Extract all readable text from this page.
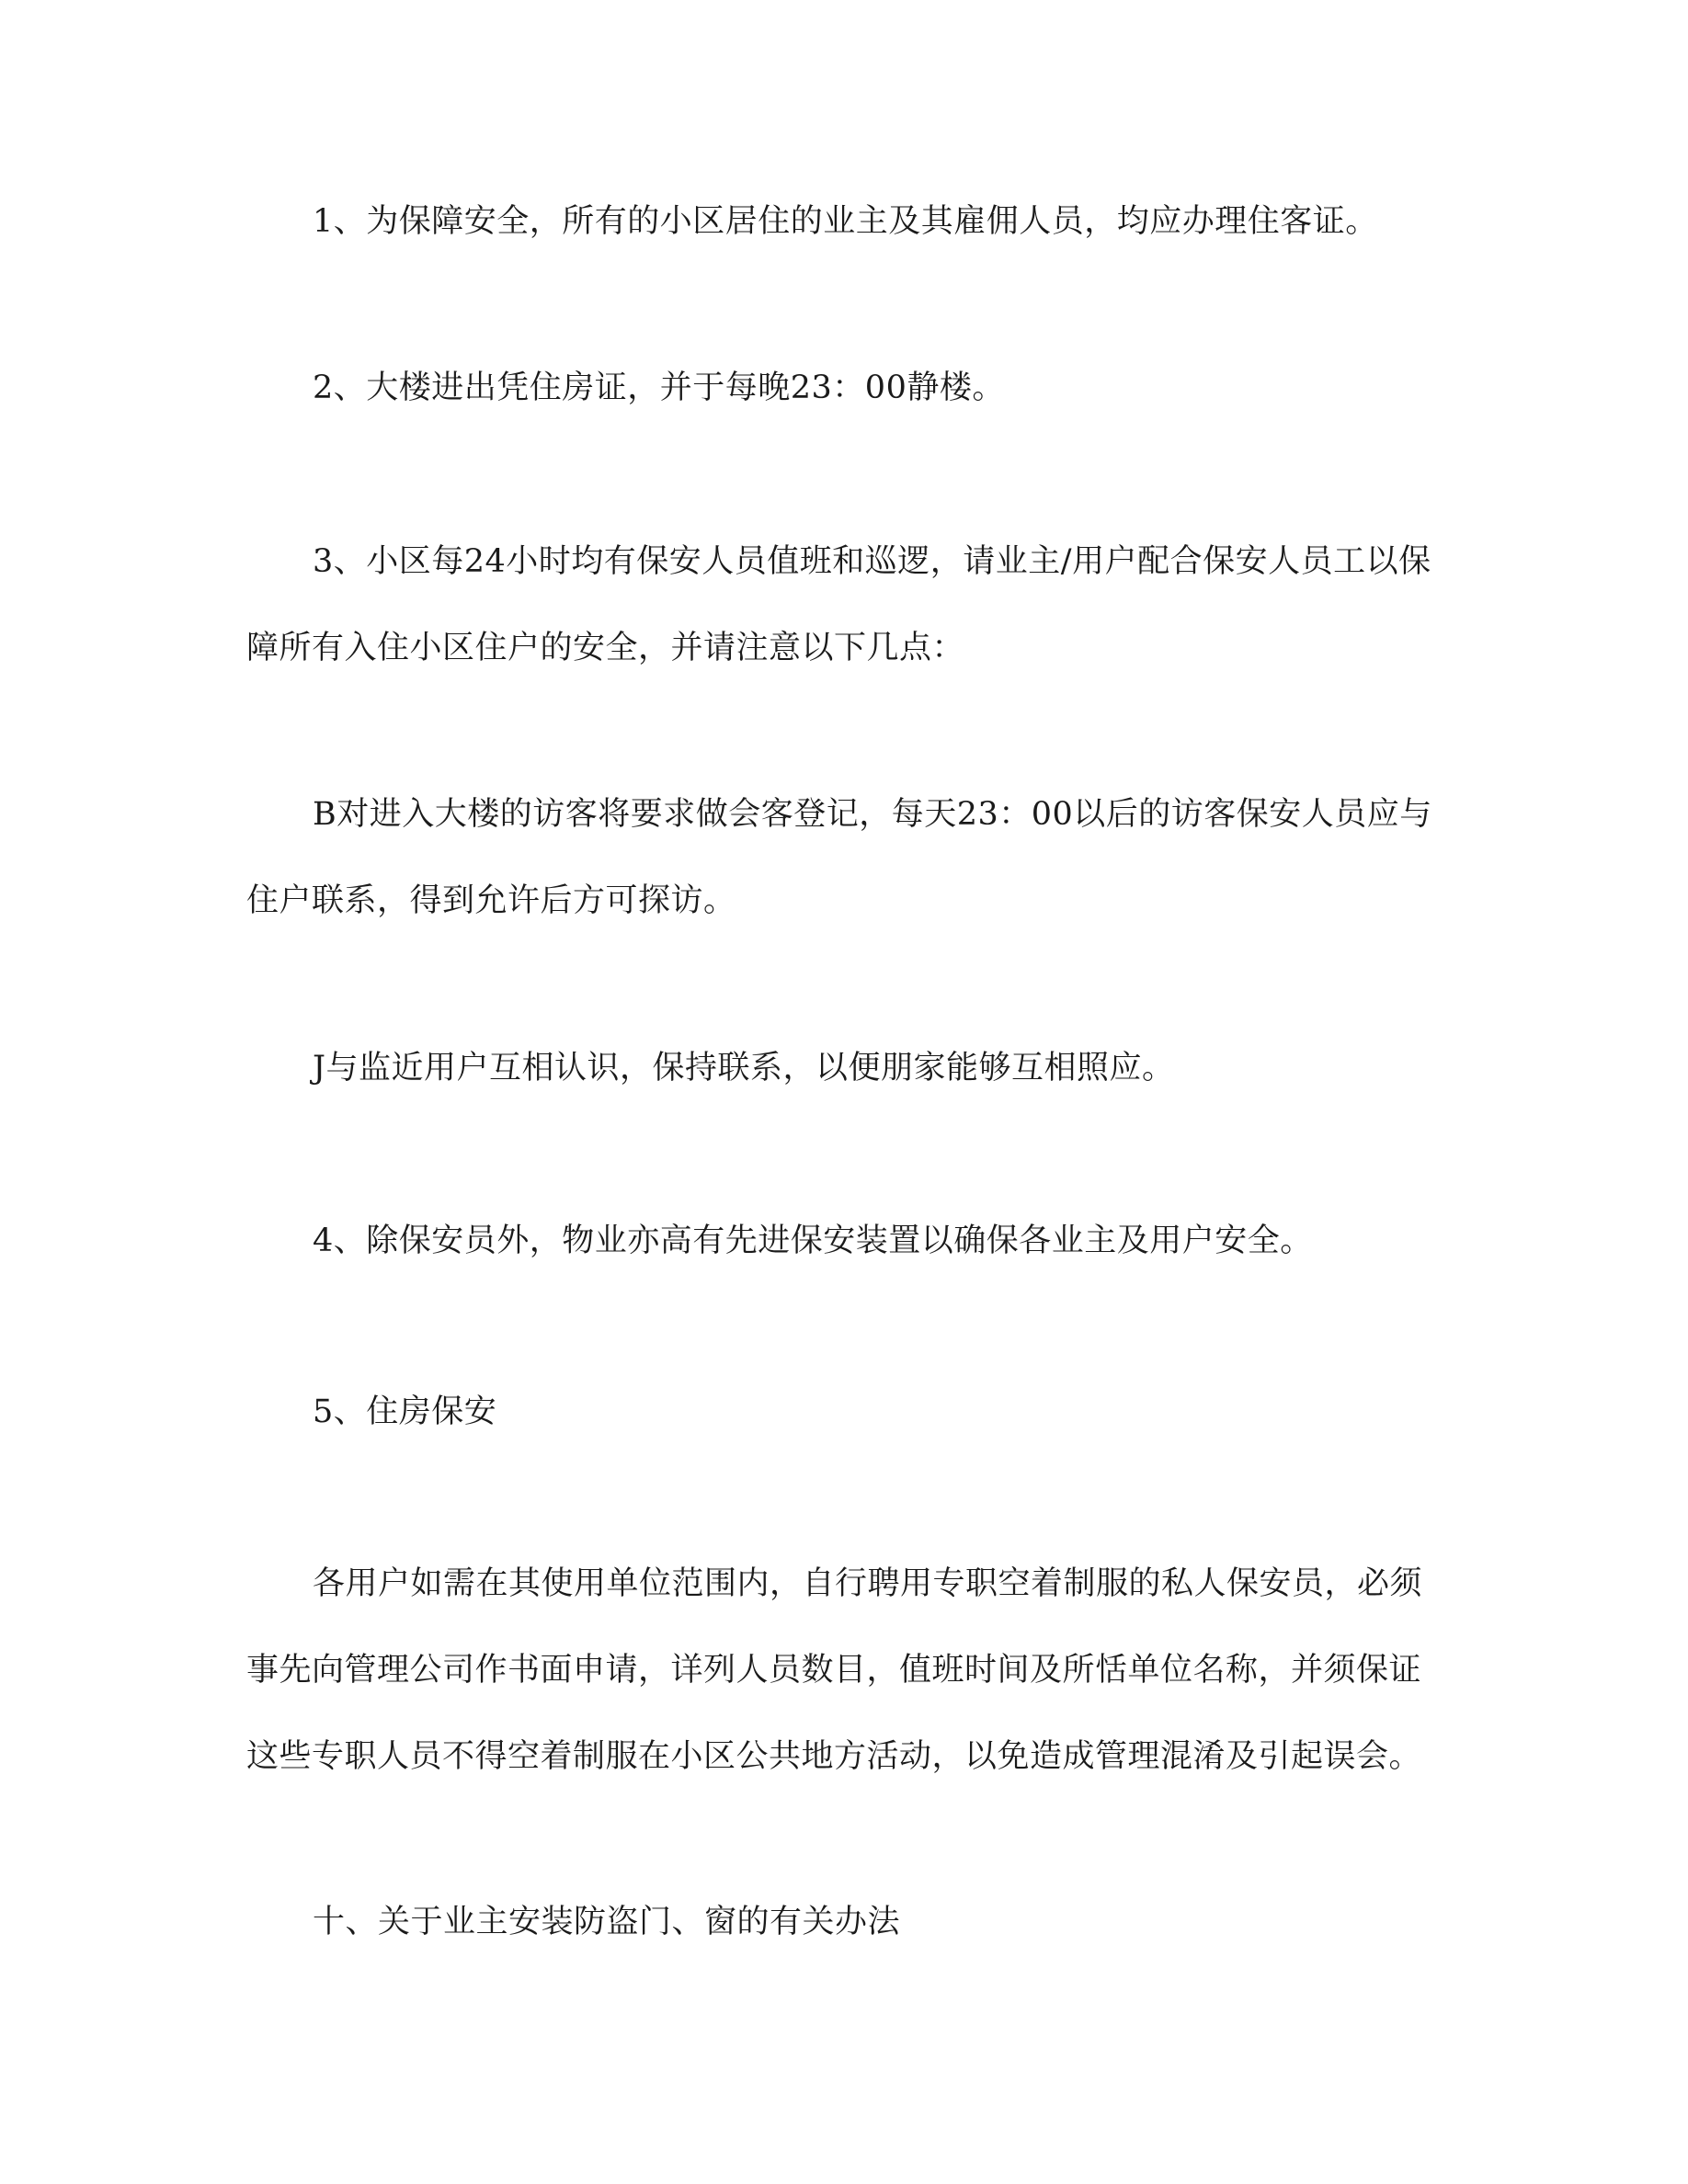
1、为保障安全，所有的小区居住的业主及其雇佣人员，均应办理住客证。

2、大楼进出凭住房证，并于每晚23：00静楼。

3、小区每24小时均有保安人员值班和巡逻，请业主/用户配合保安人员工以保障所有入住小区住户的安全，并请注意以下几点：

B对进入大楼的访客将要求做会客登记，每天23：00以后的访客保安人员应与住户联系，得到允许后方可探访。

J与监近用户互相认识，保持联系，以便朋家能够互相照应。

4、除保安员外，物业亦高有先进保安装置以确保各业主及用户安全。

5、住房保安

各用户如需在其使用单位范围内，自行聘用专职空着制服的私人保安员，必须事先向管理公司作书面申请，详列人员数目，值班时间及所恬单位名称，并须保证这些专职人员不得空着制服在小区公共地方活动，以免造成管理混淆及引起误会。

十、关于业主安装防盗门、窗的有关办法
